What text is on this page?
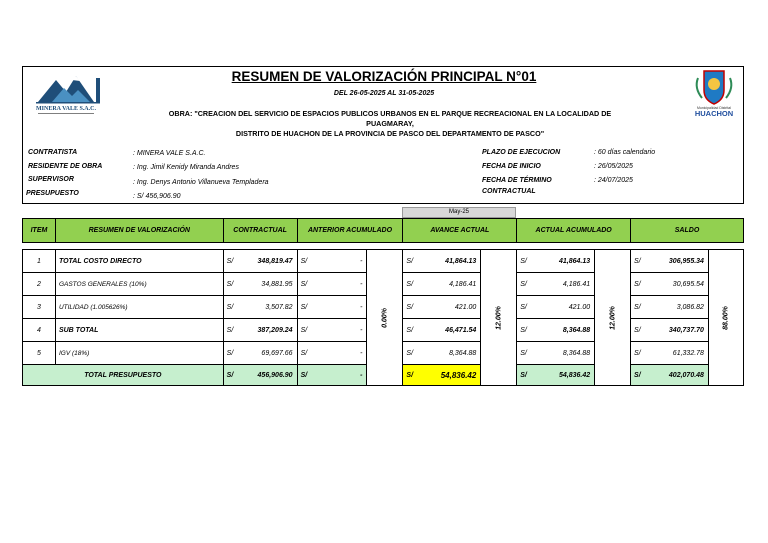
MINERA VALE S.A.C.	Municipalidad Distrital
HUACHON
RESUMEN DE VALORIZACIÓN PRINCIPAL N°01
DEL 26-05-2025 AL 31-05-2025
OBRA: "CREACION DEL SERVICIO DE ESPACIOS PUBLICOS URBANOS EN EL PARQUE RECREACIONAL EN LA LOCALIDAD DE PUAGMARAY,
DISTRITO DE HUACHON DE LA PROVINCIA DE PASCO DEL DEPARTAMENTO DE PASCO"
CONTRATISTA	: MINERA VALE S.A.C.
RESIDENTE DE OBRA	: Ing. Jimil Kenidy Miranda Andres
SUPERVISOR	: Ing. Denys Antonio Villanueva Templadera
PRESUPUESTO	: S/ 456,906.90
PLAZO DE EJECUCION	: 60 días calendario
FECHA DE INICIO	: 26/05/2025
FECHA DE TÉRMINO	: 24/07/2025
CONTRACTUAL
May-25
ITEM	RESUMEN DE VALORIZACIÓN	CONTRACTUAL		ANTERIOR ACUMULADO			AVANCE ACTUAL			ACTUAL ACUMULADO			SALDO		

1	TOTAL COSTO DIRECTO	S/	348,819.47	S/	-	0.00%	S/	41,864.13	12.00%	S/	41,864.13	12.00%	S/	306,955.34	88.00%

2	GASTOS GENERALES (10%)	S/	34,881.95	S/	-		S/	4,186.41		S/	4,186.41		S/	30,695.54	
3	UTILIDAD (1.005626%)	S/	3,507.82	S/	-		S/	421.00		S/	421.00		S/	3,086.82	
4	SUB TOTAL	S/	387,209.24	S/	-		S/	46,471.54		S/	8,364.88		S/	340,737.70	
5	IGV (18%)	S/	69,697.66	S/	-		S/	8,364.88		S/	8,364.88		S/	61,332.78	
TOTAL PRESUPUESTO		S/	456,906.90	S/	-		S/	54,836.42		S/	54,836.42		S/	402,070.48	
